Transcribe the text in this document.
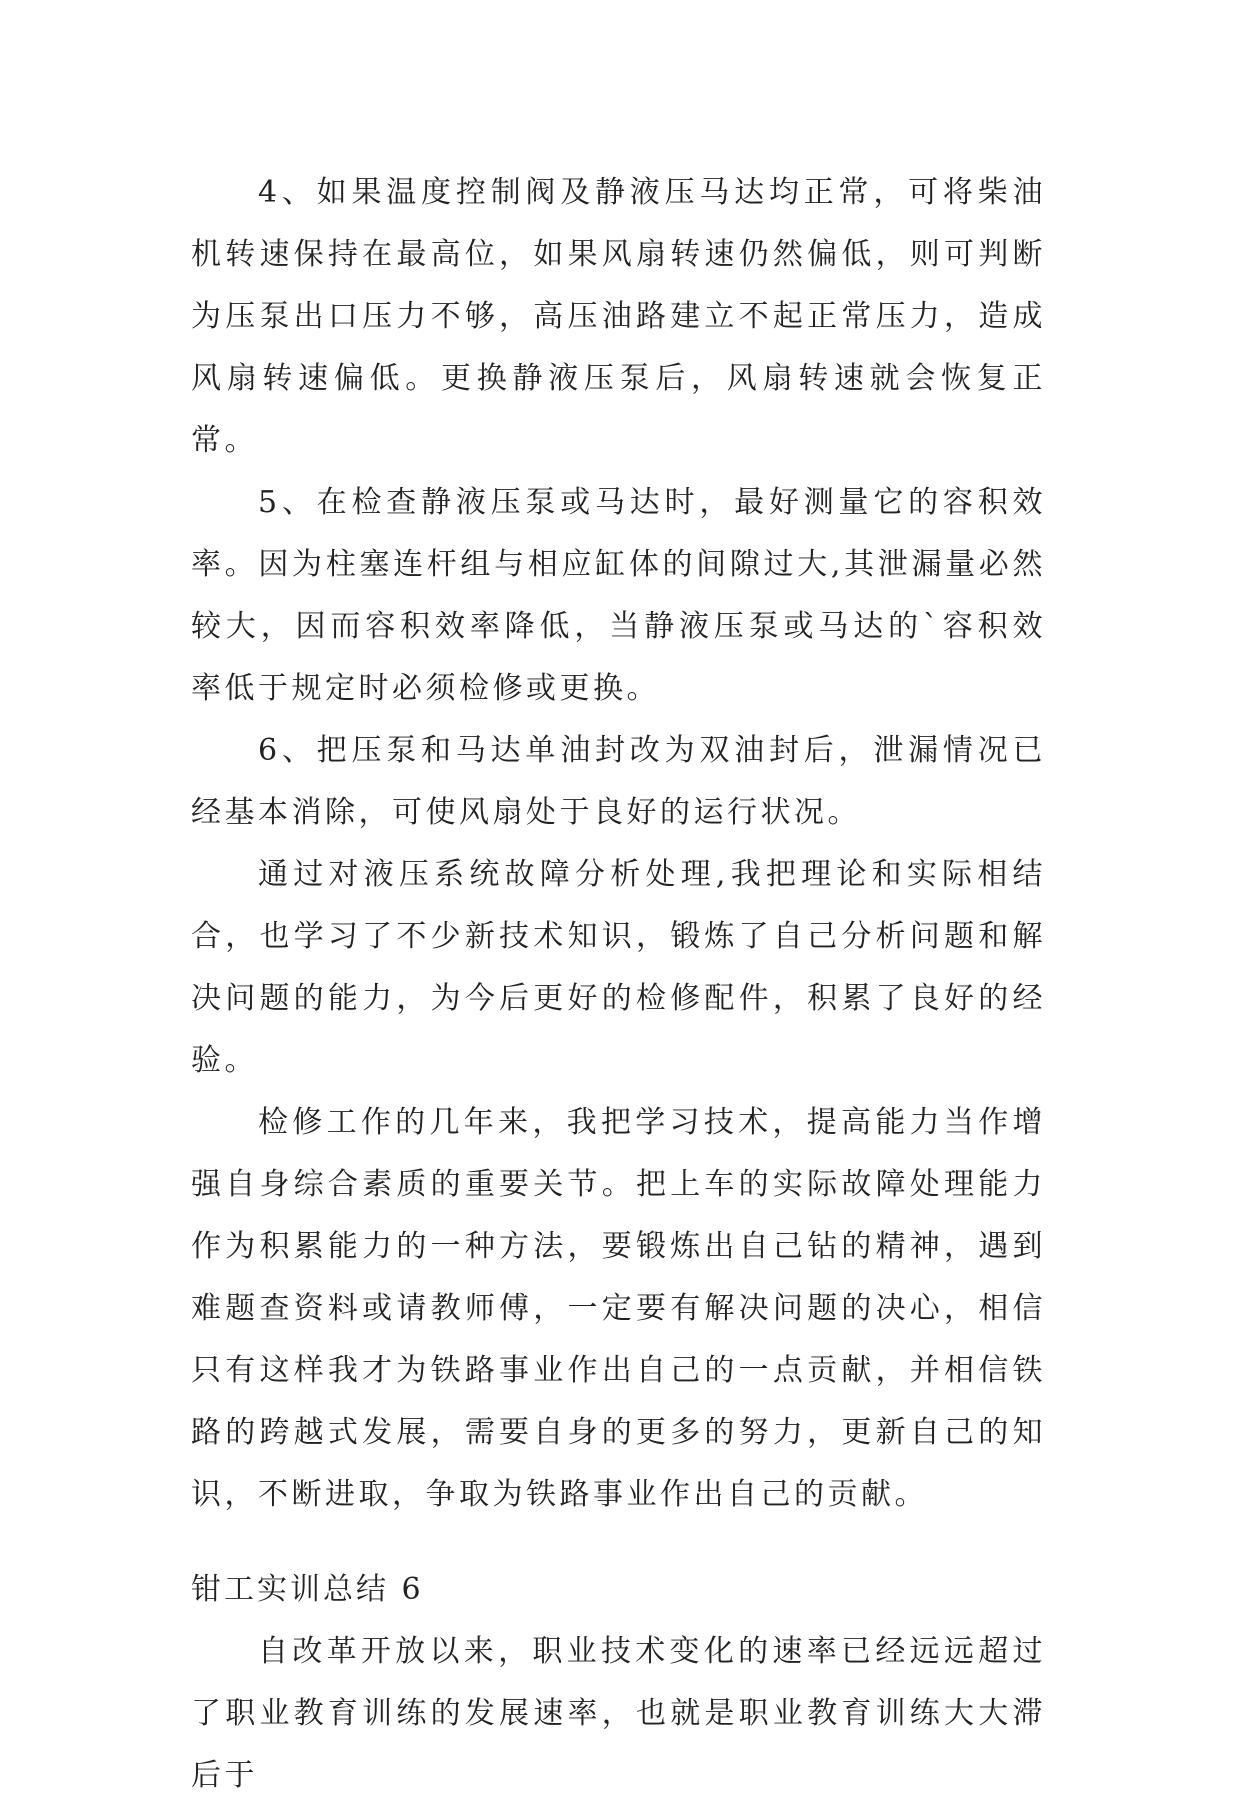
4、如果温度控制阀及静液压马达均正常，可将柴油机转速保持在最高位，如果风扇转速仍然偏低，则可判断为压泵出口压力不够，高压油路建立不起正常压力，造成风扇转速偏低。更换静液压泵后，风扇转速就会恢复正常。

5、在检查静液压泵或马达时，最好测量它的容积效率。因为柱塞连杆组与相应缸体的间隙过大,其泄漏量必然较大，因而容积效率降低，当静液压泵或马达的`容积效率低于规定时必须检修或更换。

6、把压泵和马达单油封改为双油封后，泄漏情况已经基本消除，可使风扇处于良好的运行状况。

通过对液压系统故障分析处理,我把理论和实际相结合，也学习了不少新技术知识，锻炼了自己分析问题和解决问题的能力，为今后更好的检修配件，积累了良好的经验。

检修工作的几年来，我把学习技术，提高能力当作增强自身综合素质的重要关节。把上车的实际故障处理能力作为积累能力的一种方法，要锻炼出自己钻的精神，遇到难题查资料或请教师傅，一定要有解决问题的决心，相信只有这样我才为铁路事业作出自己的一点贡献，并相信铁路的跨越式发展，需要自身的更多的努力，更新自己的知识，不断进取，争取为铁路事业作出自己的贡献。

钳工实训总结 6

自改革开放以来，职业技术变化的速率已经远远超过了职业教育训练的发展速率，也就是职业教育训练大大滞后于
